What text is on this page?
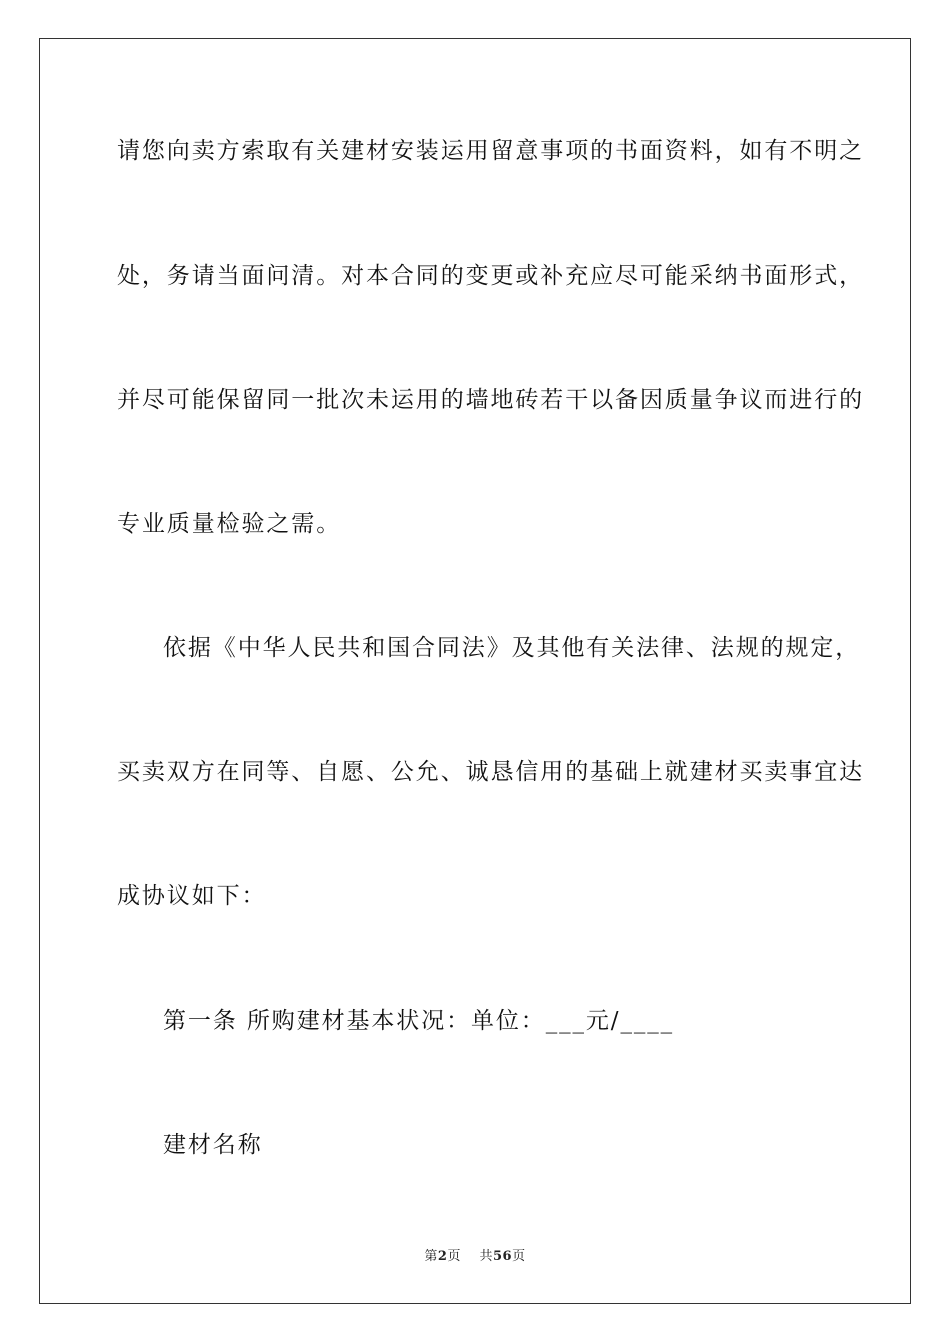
请您向卖方索取有关建材安装运用留意事项的书面资料，如有不明之
处，务请当面问清。对本合同的变更或补充应尽可能采纳书面形式，
并尽可能保留同一批次未运用的墙地砖若干以备因质量争议而进行的
专业质量检验之需。
依据《中华人民共和国合同法》及其他有关法律、法规的规定，
买卖双方在同等、自愿、公允、诚恳信用的基础上就建材买卖事宜达
成协议如下：
第一条 所购建材基本状况：单位：___元/____
建材名称
第2页 共56页
